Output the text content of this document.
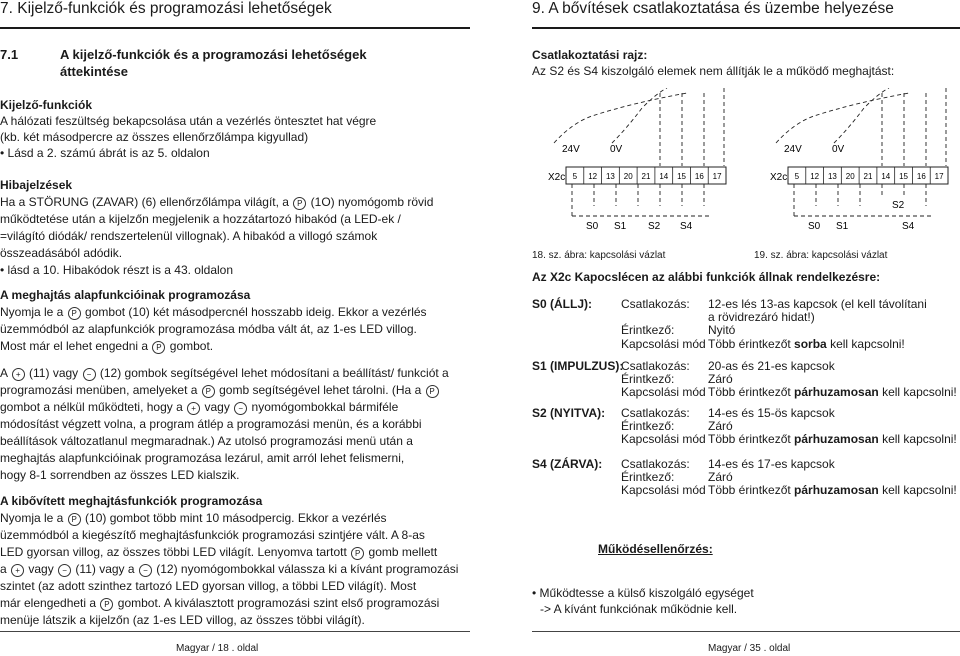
7. Kijelző-funkciók és programozási lehetőségek
7.1	A kijelző-funkciók és a programozási lehetőségek
áttekintése
Kijelző-funkciók
A hálózati feszültség bekapcsolása után a vezérlés öntesztet hat végre
(kb. két másodpercre az összes ellenőrzőlámpa kigyullad)
• Lásd a 2. számú ábrát is az 5. oldalon
Hibajelzések
Ha a STÖRUNG (ZAVAR) (6) ellenőrzőlámpa világít, a P (1O) nyomógomb rövid
működtetése után a kijelzőn megjelenik a hozzátartozó hibakód (a LED-ek /
=világító diódák/ rendszertelenül villognak). A hibakód a villogó számok
összeadásából adódik.
• lásd a 10. Hibakódok részt is a 43. oldalon
A meghajtás alapfunkcióinak programozása
Nyomja le a P gombot (10) két másodpercnél hosszabb ideig. Ekkor a vezérlés
üzemmódból az alapfunkciók programozása módba vált át, az 1-es LED villog.
Most már el lehet engedni a P gombot.
A + (11) vagy − (12) gombok segítségével lehet módosítani a beállítást/ funkciót a
programozási menüben, amelyeket a P gomb segítségével lehet tárolni. (Ha a P
gombot a nélkül működteti, hogy a + vagy − nyomógombokkal bármiféle
módosítást végzett volna, a program átlép a programozási menün, és a korábbi
beállítások változatlanul megmaradnak.) Az utolsó programozási menü után a
meghajtás alapfunkcióinak programozása lezárul, amit arról lehet felismerni,
hogy 8-1 sorrendben az összes LED kialszik.
A kibővített meghajtásfunkciók programozása
Nyomja le a P (10) gombot több mint 10 másodpercig. Ekkor a vezérlés
üzemmódból a kiegészítő meghajtásfunkciók programozási szintjére vált. A 8-as
LED gyorsan villog, az összes többi LED világít. Lenyomva tartott P gomb mellett
a + vagy − (11) vagy a − (12) nyomógombokkal válassza ki a kívánt programozási
szintet (az adott szinthez tartozó LED gyorsan villog, a többi LED világít). Most
már elengedheti a P gombot. A kiválasztott programozási szint első programozási
menüje látszik a kijelzőn (az 1-es LED villog, az összes többi világít).
Magyar / 18 . oldal
9. A bővítések csatlakoztatása és üzembe helyezése
Csatlakoztatási rajz:
Az S2 és S4 kiszolgáló elemek nem állítják le a működő meghajtást:
24V	0V
X2c 5 12 13 20 21 14 15 16 17
S0 S1 S2 S4
18. sz. ábra: kapcsolási vázlat
24V	0V
X2c 5 12 13 20 21 14 15 16 17
S2
S0 S1	S4
19. sz. ábra: kapcsolási vázlat
Az X2c Kapocslécen az alábbi funkciók állnak rendelkezésre:
S0 (ÁLLJ): Csatlakozás: 12-es lés 13-as kapcsok (el kell távolítani
a rövidrezáró hidat!)
Érintkező:	Nyitó
Kapcsolási mód Több érintkezőt sorba kell kapcsolni!
S1 (IMPULZUS):
Csatlakozás: 20-as és 21-es kapcsok
Érintkező:	Záró
Kapcsolási mód Több érintkezőt párhuzamosan kell kapcsolni!
S2 (NYITVA): Csatlakozás: 14-es és 15-ös kapcsok
Érintkező:	Záró
Kapcsolási mód Több érintkezőt párhuzamosan kell kapcsolni!
S4 (ZÁRVA): Csatlakozás: 14-es és 17-es kapcsok
Érintkező:	Záró
Kapcsolási mód Több érintkezőt párhuzamosan kell kapcsolni!
Működésellenőrzés:
• Működtesse a külső kiszolgáló egységet
-> A kívánt funkciónak működnie kell.
Magyar / 35 . oldal
